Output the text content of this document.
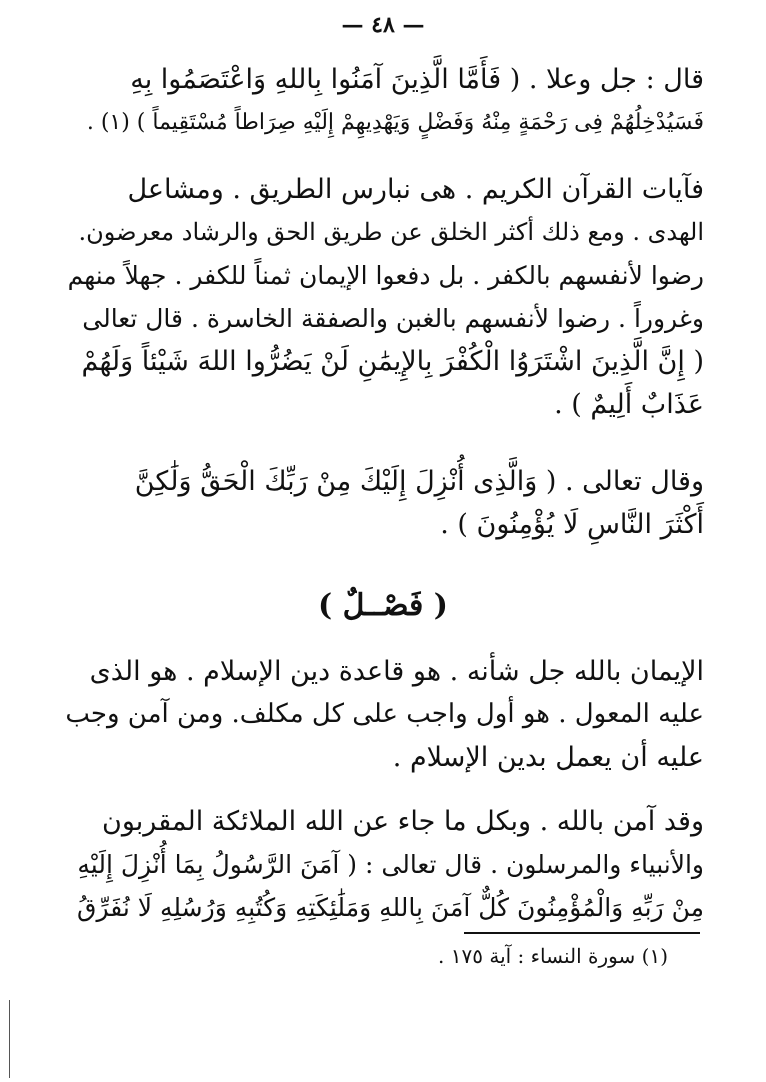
— ٤٨ —

قال : جل وعلا . ( فَأَمَّا الَّذِينَ آمَنُوا بِاللهِ وَاعْتَصَمُوا بِهِ
فَسَيُدْخِلُهُمْ فِى رَحْمَةٍ مِنْهُ وَفَضْلٍ وَيَهْدِيهِمْ إِلَيْهِ صِرَاطاً مُسْتَقِيماً ) (١) .

فآيات القرآن الكريم . هى نبارس الطريق . ومشاعل
الهدى . ومع ذلك أكثر الخلق عن طريق الحق والرشاد معرضون.
رضوا لأنفسهم بالكفر . بل دفعوا الإيمان ثمناً للكفر . جهلاً منهم
وغروراً . رضوا لأنفسهم بالغبن والصفقة الخاسرة . قال تعالى
( إِنَّ الَّذِينَ اشْتَرَوُا الْكُفْرَ بِالإِيمَٰنِ لَنْ يَضُرُّوا اللهَ شَيْئاً وَلَهُمْ
عَذَابٌ أَلِيمٌ ) .

وقال تعالى . ( وَالَّذِى أُنْزِلَ إِلَيْكَ مِنْ رَبِّكَ الْحَقُّ وَلَٰكِنَّ
أَكْثَرَ النَّاسِ لَا يُؤْمِنُونَ ) .

( فَصْــلٌ )

الإيمان بالله جل شأنه . هو قاعدة دين الإسلام . هو الذى
عليه المعول . هو أول واجب على كل مكلف. ومن آمن وجب
عليه أن يعمل بدين الإسلام .

وقد آمن بالله . وبكل ما جاء عن الله الملائكة المقربون
والأنبياء والمرسلون . قال تعالى : ( آمَنَ الرَّسُولُ بِمَا أُنْزِلَ إِلَيْهِ
مِنْ رَبِّهِ وَالْمُؤْمِنُونَ كُلٌّ آمَنَ بِاللهِ وَمَلَٰئِكَتِهِ وَكُتُبِهِ وَرُسُلِهِ لَا نُفَرِّقُ

(١) سورة النساء : آية ١٧٥ .
